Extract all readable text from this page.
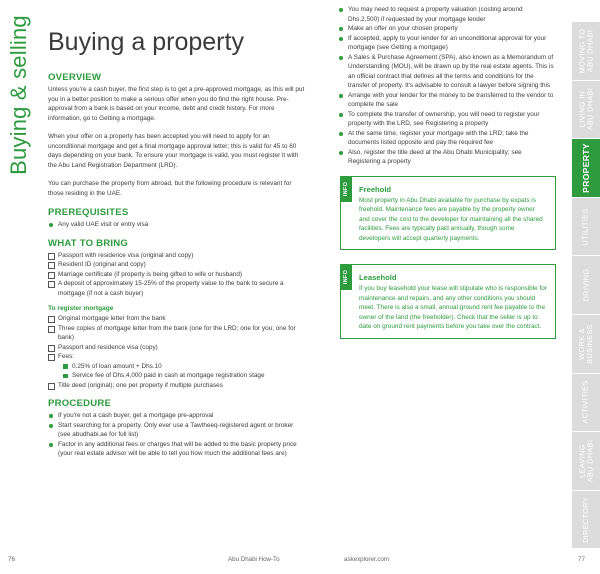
Buying & selling Buying a property
OVERVIEW

Unless you're a cash buyer, the first step is to get a pre-approved mortgage, as this will put you in a better position to make a serious offer when you do find the right house. Pre-approval from a bank is based on your income, debt and credit history. For more information, go to Getting a mortgage.

When your offer on a property has been accepted you will need to apply for an unconditional mortgage and get a final mortgage approval letter; this is valid for 45 to 60 days depending on your bank. To ensure your mortgage is valid, you must register it with the Abu Land Registration Department (LRD).

You can purchase the property from abroad, but the following procedure is relevant for those residing in the UAE.

PREREQUISITES
Any valid UAE visit or entry visa
WHAT TO BRING
Passport with residence visa (original and copy)
Resident ID (original and copy)
Marriage certificate (if property is being gifted to wife or husband)
A deposit of approximately 15-25% of the property value to the bank to secure a mortgage (if not a cash buyer)
To register mortgage
Original mortgage letter from the bank
Three copies of mortgage letter from the bank (one for the LRD; one for you; one for bank)
Passport and residence visa (copy)
Fees:
0.25% of loan amount + Dhs.10
Service fee of Dhs.4,000 paid in cash at mortgage registration stage
Title deed (original); one per property if multiple purchases
PROCEDURE
If you're not a cash buyer, get a mortgage pre-approval
Start searching for a property. Only ever use a Tawtheeq-registered agent or broker (see abudhabi.ae for full list)
Factor in any additional fees or charges that will be added to the basic property price (your real estate advisor will be able to tell you how much the additional fees are)
You may need to request a property valuation (costing around Dhs.2,500) if requested by your mortgage lender
Make an offer on your chosen property
If accepted, apply to your lender for an unconditional approval for your mortgage (see Getting a mortgage)
A Sales & Purchase Agreement (SPA), also known as a Memorandum of Understanding (MOU), will be drawn up by the real estate agents. This is an official contract that defines all the terms and conditions for the transfer of property. It's advisable to consult a lawyer before signing this
Arrange with your lender for the money to be transferred to the vendor to complete the sale
To complete the transfer of ownership, you will need to register your property with the LRD, see Registering a property
At the same time, register your mortgage with the LRD; take the documents listed opposite and pay the required fee
Also, register the title deed at the Abu Dhabi Municipality; see Registering a property
INFO Freehold

Most property in Abu Dhabi available for purchase by expats is freehold. Maintenance fees are payable by the property owner and cover the cost to the developer for maintaining all the shared facilities. Fees are typically paid annually, though some developers will accept quarterly payments.

INFO Leasehold

If you buy leasehold your lease will stipulate who is responsible for maintenance and repairs, and any other conditions you should meet. There is also a small, annual ground rent fee payable to the owner of the land (the freeholder). Check that the seller is up to date on ground rent payments before you take over the contract.

MOVING TO
ABU DHABI
LIVING IN
ABU DHABI
PROPERTY
UTILITIES
DRIVING
WORK &
BUSINESS
ACTIVITIES
LEAVING
ABU DHABI
DIRECTORY
76	Abu Dhabi How-To	askexplorer.com	77
